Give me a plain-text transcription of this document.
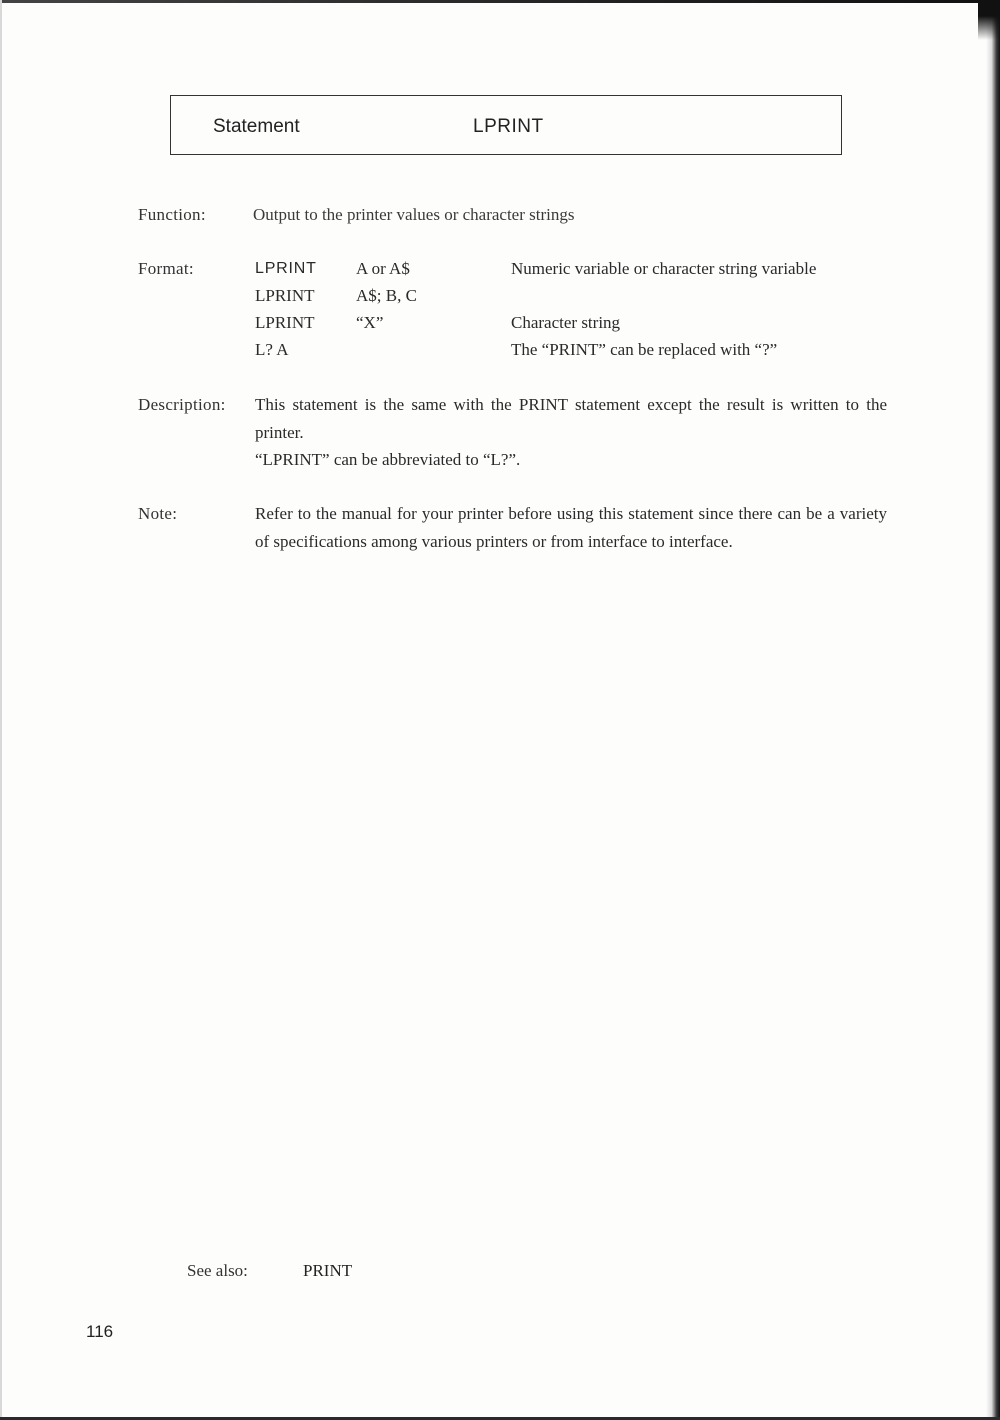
Statement	LPRINT
Function:	Output to the printer values or character strings
Format:	LPRINT A or A$	Numeric variable or character string variable
LPRINT A$; B, C
LPRINT “X”	Character string
L? A	The “PRINT” can be replaced with “?”
Description: This statement is the same with the PRINT statement except the result is written to the printer.

“LPRINT” can be abbreviated to “L?”.

Note:	Refer to the manual for your printer before using this statement since there can be a variety of specifications among various printers or from interface to interface.

See also:	PRINT
116
